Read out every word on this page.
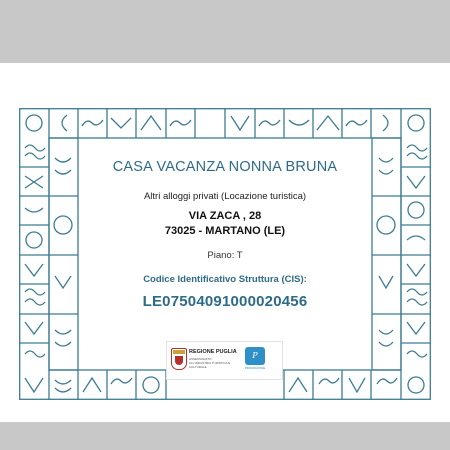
CASA VACANZA NONNA BRUNA
Altri alloggi privati (Locazione turistica)
VIA ZACA , 28
73025 - MARTANO (LE)
Piano: T
Codice Identificativo Struttura (CIS):
LE07504091000020456
REGIONE PUGLIA
ASSESSORATO ALL'INDUSTRIA TURISTICA E CULTURALE
P
PROMOZIONE
